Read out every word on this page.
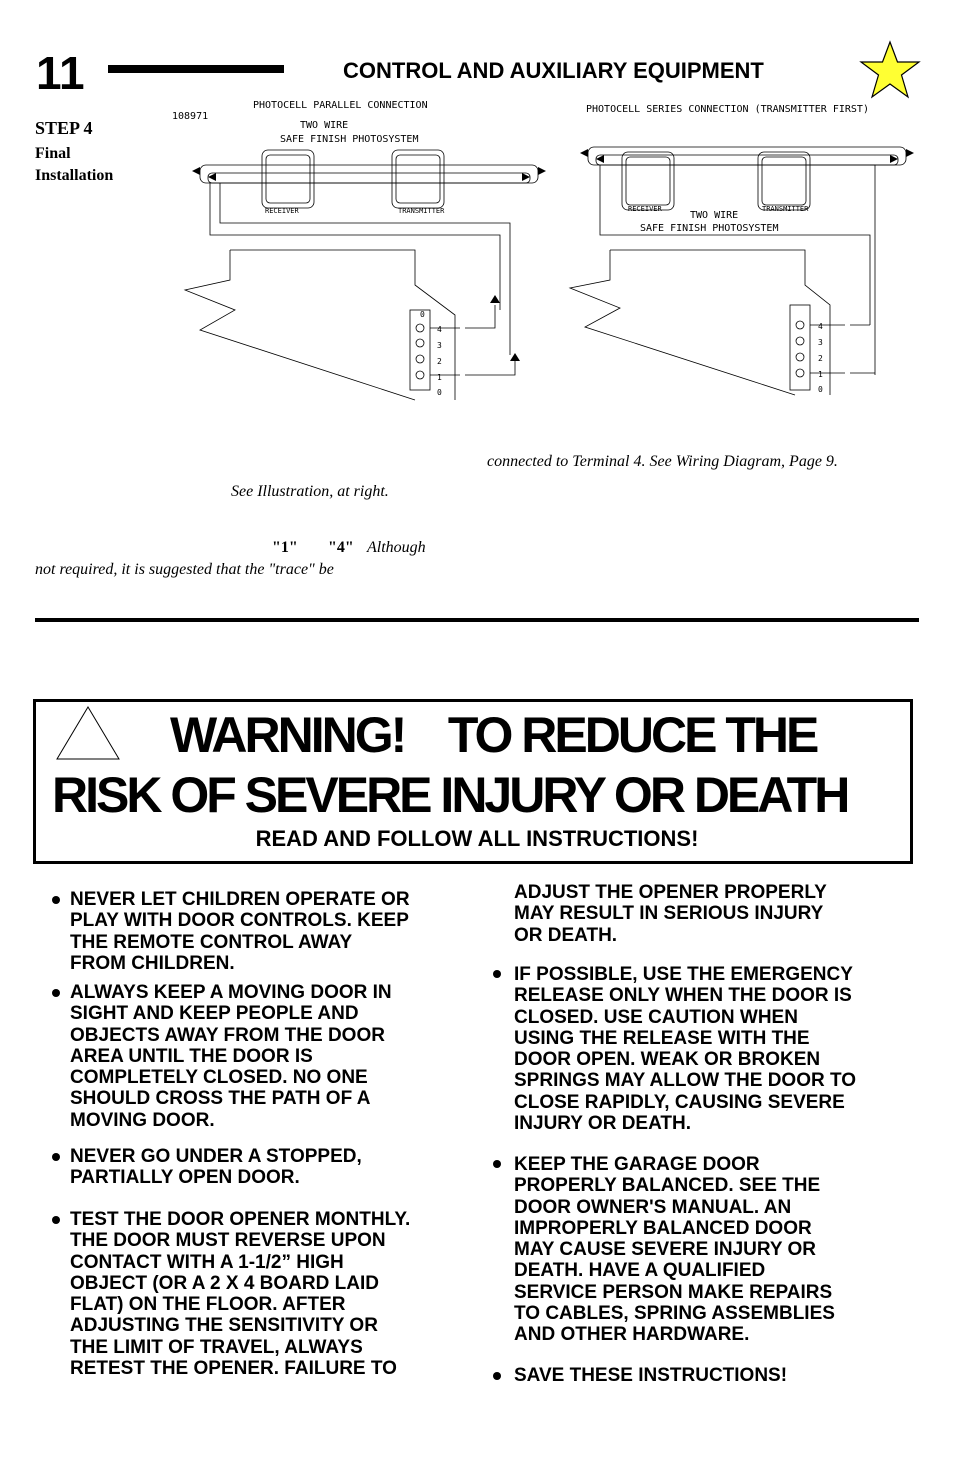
11	CONTROL AND AUXILIARY EQUIPMENT
STEP 4
Final
Installation
108971
PHOTOCELL PARALLEL CONNECTION
TWO WIRE
SAFE FINISH PHOTOSYSTEM
RECEIVER	TRANSMITTER
PHOTOCELL SERIES CONNECTION (TRANSMITTER FIRST)
TWO WIRE
SAFE FINISH PHOTOSYSTEM
RECEIVER	TRANSMITTER
0
4
3
2
1
0
4
3
2
1
0
connected to Terminal 4. See Wiring Diagram, Page 9.
See Illustration, at right.
"1" "4" Although
not required, it is suggested that the "trace" be
WARNING!    TO REDUCE THE
RISK OF SEVERE INJURY OR DEATH
READ AND FOLLOW ALL INSTRUCTIONS!
NEVER LET CHILDREN OPERATE OR
PLAY WITH DOOR CONTROLS. KEEP
THE REMOTE CONTROL AWAY
FROM CHILDREN.
ALWAYS KEEP A MOVING DOOR IN
SIGHT AND KEEP PEOPLE AND
OBJECTS AWAY FROM THE DOOR
AREA UNTIL THE DOOR IS
COMPLETELY CLOSED. NO ONE
SHOULD CROSS THE PATH OF A
MOVING DOOR.
NEVER GO UNDER A STOPPED,
PARTIALLY OPEN DOOR.
TEST THE DOOR OPENER MONTHLY.
THE DOOR MUST REVERSE UPON
CONTACT WITH A 1-1/2” HIGH
OBJECT (OR A 2 X 4 BOARD LAID
FLAT) ON THE FLOOR. AFTER
ADJUSTING THE SENSITIVITY OR
THE LIMIT OF TRAVEL, ALWAYS
RETEST THE OPENER. FAILURE TO
ADJUST THE OPENER PROPERLY
MAY RESULT IN SERIOUS INJURY
OR DEATH.
IF POSSIBLE, USE THE EMERGENCY
RELEASE ONLY WHEN THE DOOR IS
CLOSED. USE CAUTION WHEN
USING THE RELEASE WITH THE
DOOR OPEN. WEAK OR BROKEN
SPRINGS MAY ALLOW THE DOOR TO
CLOSE RAPIDLY, CAUSING SEVERE
INJURY OR DEATH.
KEEP THE GARAGE DOOR
PROPERLY BALANCED. SEE THE
DOOR OWNER'S MANUAL. AN
IMPROPERLY BALANCED DOOR
MAY CAUSE SEVERE INJURY OR
DEATH. HAVE A QUALIFIED
SERVICE PERSON MAKE REPAIRS
TO CABLES, SPRING ASSEMBLIES
AND OTHER HARDWARE.
SAVE THESE INSTRUCTIONS!
